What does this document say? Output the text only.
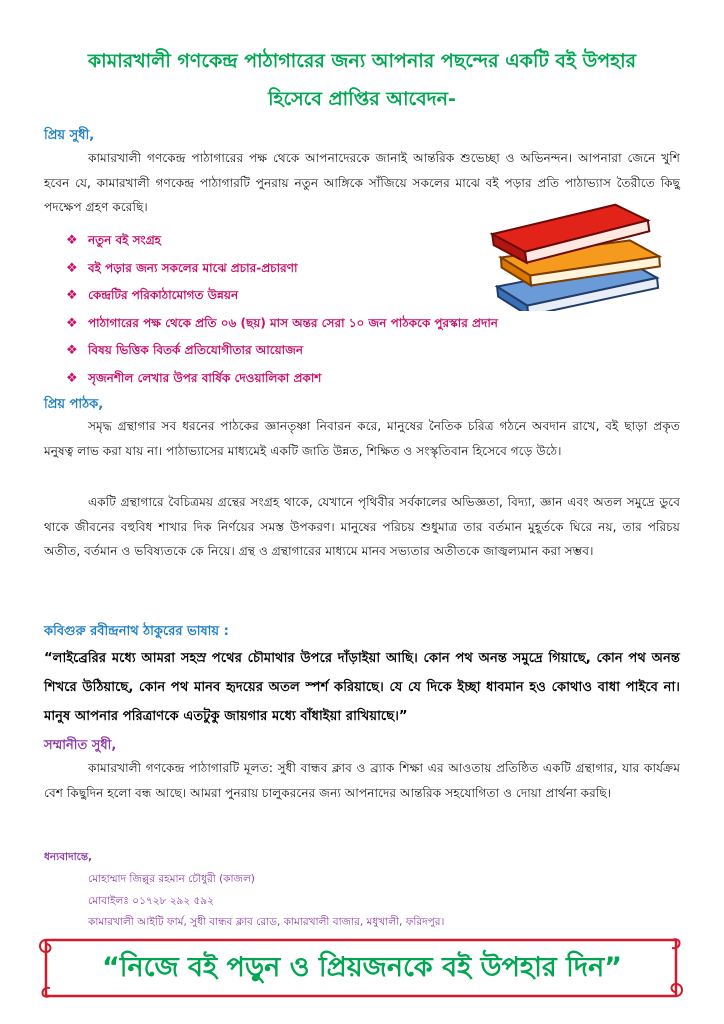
কামারখালী গণকেন্দ্র পাঠাগারের জন্য আপনার পছন্দের একটি বই উপহার
হিসেবে প্রাপ্তির আবেদন-
প্রিয় সুধী,
কামারখালী গণকেন্দ্র পাঠাগারের পক্ষ থেকে আপনাদেরকে জানাই আন্তরিক শুভেচ্ছা ও অভিনন্দন। আপনারা জেনে খুশি হবেন যে, কামারখালী গণকেন্দ্র পাঠাগারটি পুনরায় নতুন আঙ্গিকে সাঁজিয়ে সকলের মাঝে বই পড়ার প্রতি পাঠাভ্যাস তৈরীতে কিছু পদক্ষেপ গ্রহণ করেছি।
❖ নতুন বই সংগ্রহ
❖ বই পড়ার জন্য সকলের মাঝে প্রচার-প্রচারণা
❖ কেন্দ্রটির পরিকাঠামোগত উন্নয়ন
❖ পাঠাগারের পক্ষ থেকে প্রতি ০৬ (ছয়) মাস অন্তর সেরা ১০ জন পাঠককে পুরস্কার প্রদান
❖ বিষয় ভিত্তিক বিতর্ক প্রতিযোগীতার আয়োজন
❖ সৃজনশীল লেখার উপর বার্ষিক দেওয়ালিকা প্রকাশ
প্রিয় পাঠক,
সমৃদ্ধ গ্রন্থাগার সব ধরনের পাঠকের জ্ঞানতৃষ্ণা নিবারন করে, মানুষের নৈতিক চরিত্র গঠনে অবদান রাখে, বই ছাড়া প্রকৃত মনুষত্ব লাভ করা যায় না। পাঠাভ্যাসের মাধ্যমেই একটি জাতি উন্নত, শিক্ষিত ও সংস্কৃতিবান হিসেবে গড়ে উঠে।
একটি গ্রন্থাগারে বৈচিত্রময় গ্রন্থের সংগ্রহ থাকে, যেখানে পৃথিবীর সর্বকালের অভিজ্ঞতা, বিদ্যা, জ্ঞান এবং অতল সমুদ্রে ডুবে থাকে জীবনের বহুবিধ শাখার দিক নির্ণয়ের সমস্ত উপকরণ। মানুষের পরিচয় শুধুমাত্র তার বর্তমান মুহূর্তকে ঘিরে নয়, তার পরিচয় অতীত, বর্তমান ও ভবিষ্যতকে কে নিয়ে। গ্রন্থ ও গ্রন্থাগারের মাধ্যমে মানব সভ্যতার অতীতকে জাজ্বল্যমান করা সম্ভব।
কবিগুরু রবীন্দ্রনাথ ঠাকুরের ভাষায় :
“লাইব্রেরির মধ্যে আমরা সহস্র পথের চৌমাথার উপরে দাঁড়াইয়া আছি। কোন পথ অনন্ত সমুদ্রে গিয়াছে, কোন পথ অনন্ত শিখরে উঠিয়াছে, কোন পথ মানব হৃদয়ের অতল স্পর্শ করিয়াছে। যে যে দিকে ইচ্ছা ধাবমান হও কোথাও বাধা পাইবে না। মানুষ আপনার পরিত্রাণকে এতটুকু জায়গার মধ্যে বাঁধাইয়া রাখিয়াছে।”
সম্মানীত সুধী,
কামারখালী গণকেন্দ্র পাঠাগারটি মূলত: সুধী বান্ধব ক্লাব ও ব্র্যাক শিক্ষা এর আওতায় প্রতিষ্ঠিত একটি গ্রন্থাগার, যার কার্যক্রম বেশ কিছুদিন হলো বন্ধ আছে। আমরা পুনরায় চালুকরনের জন্য আপনাদের আন্তরিক সহযোগিতা ও দোয়া প্রার্থনা করছি।
ধন্যবাদান্তে,
মোহাম্মাদ জিল্লুর রহমান চৌধুরী (কাজল)
মোবাইলঃ ০১৭২৮ ২৯২ ৫৯২
কামারখালী আইটি ফার্ম, সুধী বান্ধব ক্লাব রোড, কামারখালী বাজার, মধুখালী, ফরিদপুর।
“নিজে বই পড়ুন ও প্রিয়জনকে বই উপহার দিন”
